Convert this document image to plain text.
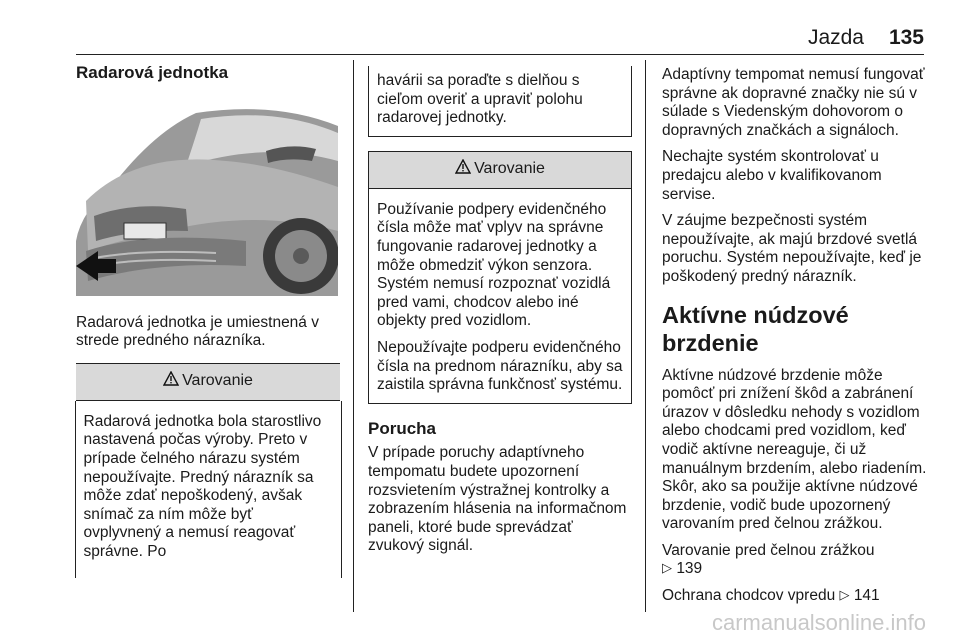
Jazda 135
Radarová jednotka

Radarová jednotka je umiestnená v strede predného nárazníka.

Varovanie

Radarová jednotka bola starostlivo nastavená počas výroby. Preto v prípade čelného nárazu systém nepoužívajte. Predný nárazník sa môže zdať nepoškodený, avšak snímač za ním môže byť ovplyvnený a nemusí reagovať správne. Po

havárii sa poraďte s dielňou s cieľom overiť a upraviť polohu radarovej jednotky.

Varovanie

Používanie podpery evidenčného čísla môže mať vplyv na správne fungovanie radarovej jednotky a môže obmedziť výkon senzora. Systém nemusí rozpoznať vozidlá pred vami, chodcov alebo iné objekty pred vozidlom.

Nepoužívajte podperu evidenčného čísla na prednom nárazníku, aby sa zaistila správna funkčnosť systému.

Porucha

V prípade poruchy adaptívneho tempomatu budete upozornení rozsvietením výstražnej kontrolky a zobrazením hlásenia na informačnom paneli, ktoré bude sprevádzať zvukový signál.

Adaptívny tempomat nemusí fungovať správne ak dopravné značky nie sú v súlade s Viedenským dohovorom o dopravných značkách a signáloch.

Nechajte systém skontrolovať u predajcu alebo v kvalifikovanom servise.

V záujme bezpečnosti systém nepoužívajte, ak majú brzdové svetlá poruchu. Systém nepoužívajte, keď je poškodený predný nárazník.

Aktívne núdzové brzdenie

Aktívne núdzové brzdenie môže pomôcť pri znížení škôd a zabránení úrazov v dôsledku nehody s vozidlom alebo chodcami pred vozidlom, keď vodič aktívne nereaguje, či už manuálnym brzdením, alebo riadením. Skôr, ako sa použije aktívne núdzové brzdenie, vodič bude upozornený varovaním pred čelnou zrážkou.

Varovanie pred čelnou zrážkou
▷ 139

Ochrana chodcov vpredu ▷ 141

carmanualsonline.info
